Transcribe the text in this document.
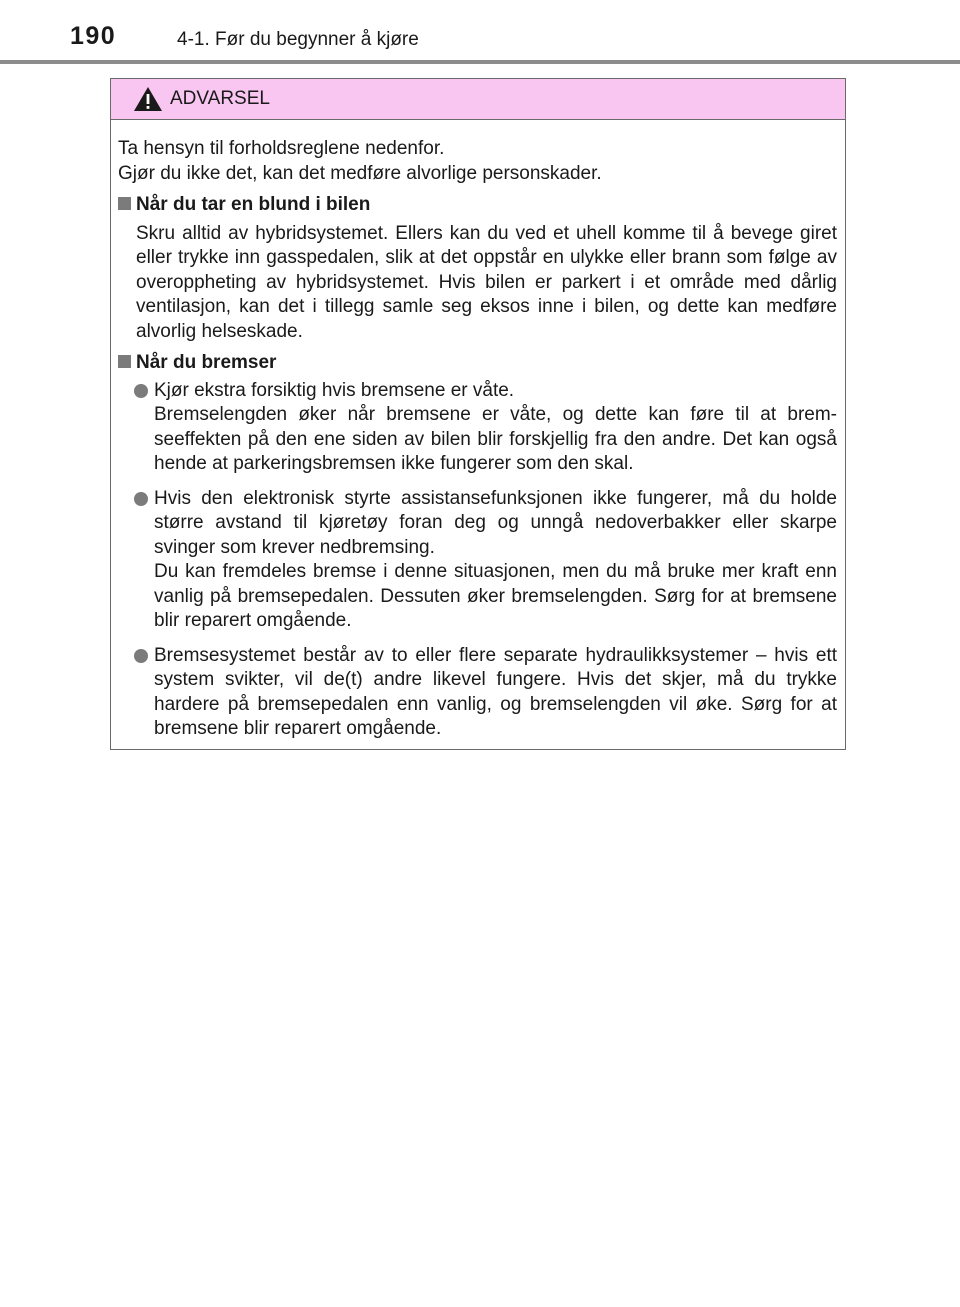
190	4-1. Før du begynner å kjøre
ADVARSEL

Ta hensyn til forholdsreglene nedenfor.

Gjør du ikke det, kan det medføre alvorlige personskader.

Når du tar en blund i bilen
Skru alltid av hybridsystemet. Ellers kan du ved et uhell komme til å bevege giret eller trykke inn gasspedalen, slik at det oppstår en ulykke eller brann som følge av overoppheting av hybridsystemet. Hvis bilen er parkert i et område med dårlig ventilasjon, kan det i tillegg samle seg eksos inne i bilen, og dette kan medføre alvorlig helseskade.
Når du bremser

Kjør ekstra forsiktig hvis bremsene er våte.

Bremselengden øker når bremsene er våte, og dette kan føre til at brem-seeffekten på den ene siden av bilen blir forskjellig fra den andre. Det kan også hende at parkeringsbremsen ikke fungerer som den skal.

Hvis den elektronisk styrte assistansefunksjonen ikke fungerer, må du holde større avstand til kjøretøy foran deg og unngå nedoverbakker eller skarpe svinger som krever nedbremsing.

Du kan fremdeles bremse i denne situasjonen, men du må bruke mer kraft enn vanlig på bremsepedalen. Dessuten øker bremselengden. Sørg for at bremsene blir reparert omgående.

Bremsesystemet består av to eller flere separate hydraulikksystemer – hvis ett system svikter, vil de(t) andre likevel fungere. Hvis det skjer, må du trykke hardere på bremsepedalen enn vanlig, og bremselengden vil øke. Sørg for at bremsene blir reparert omgående.
